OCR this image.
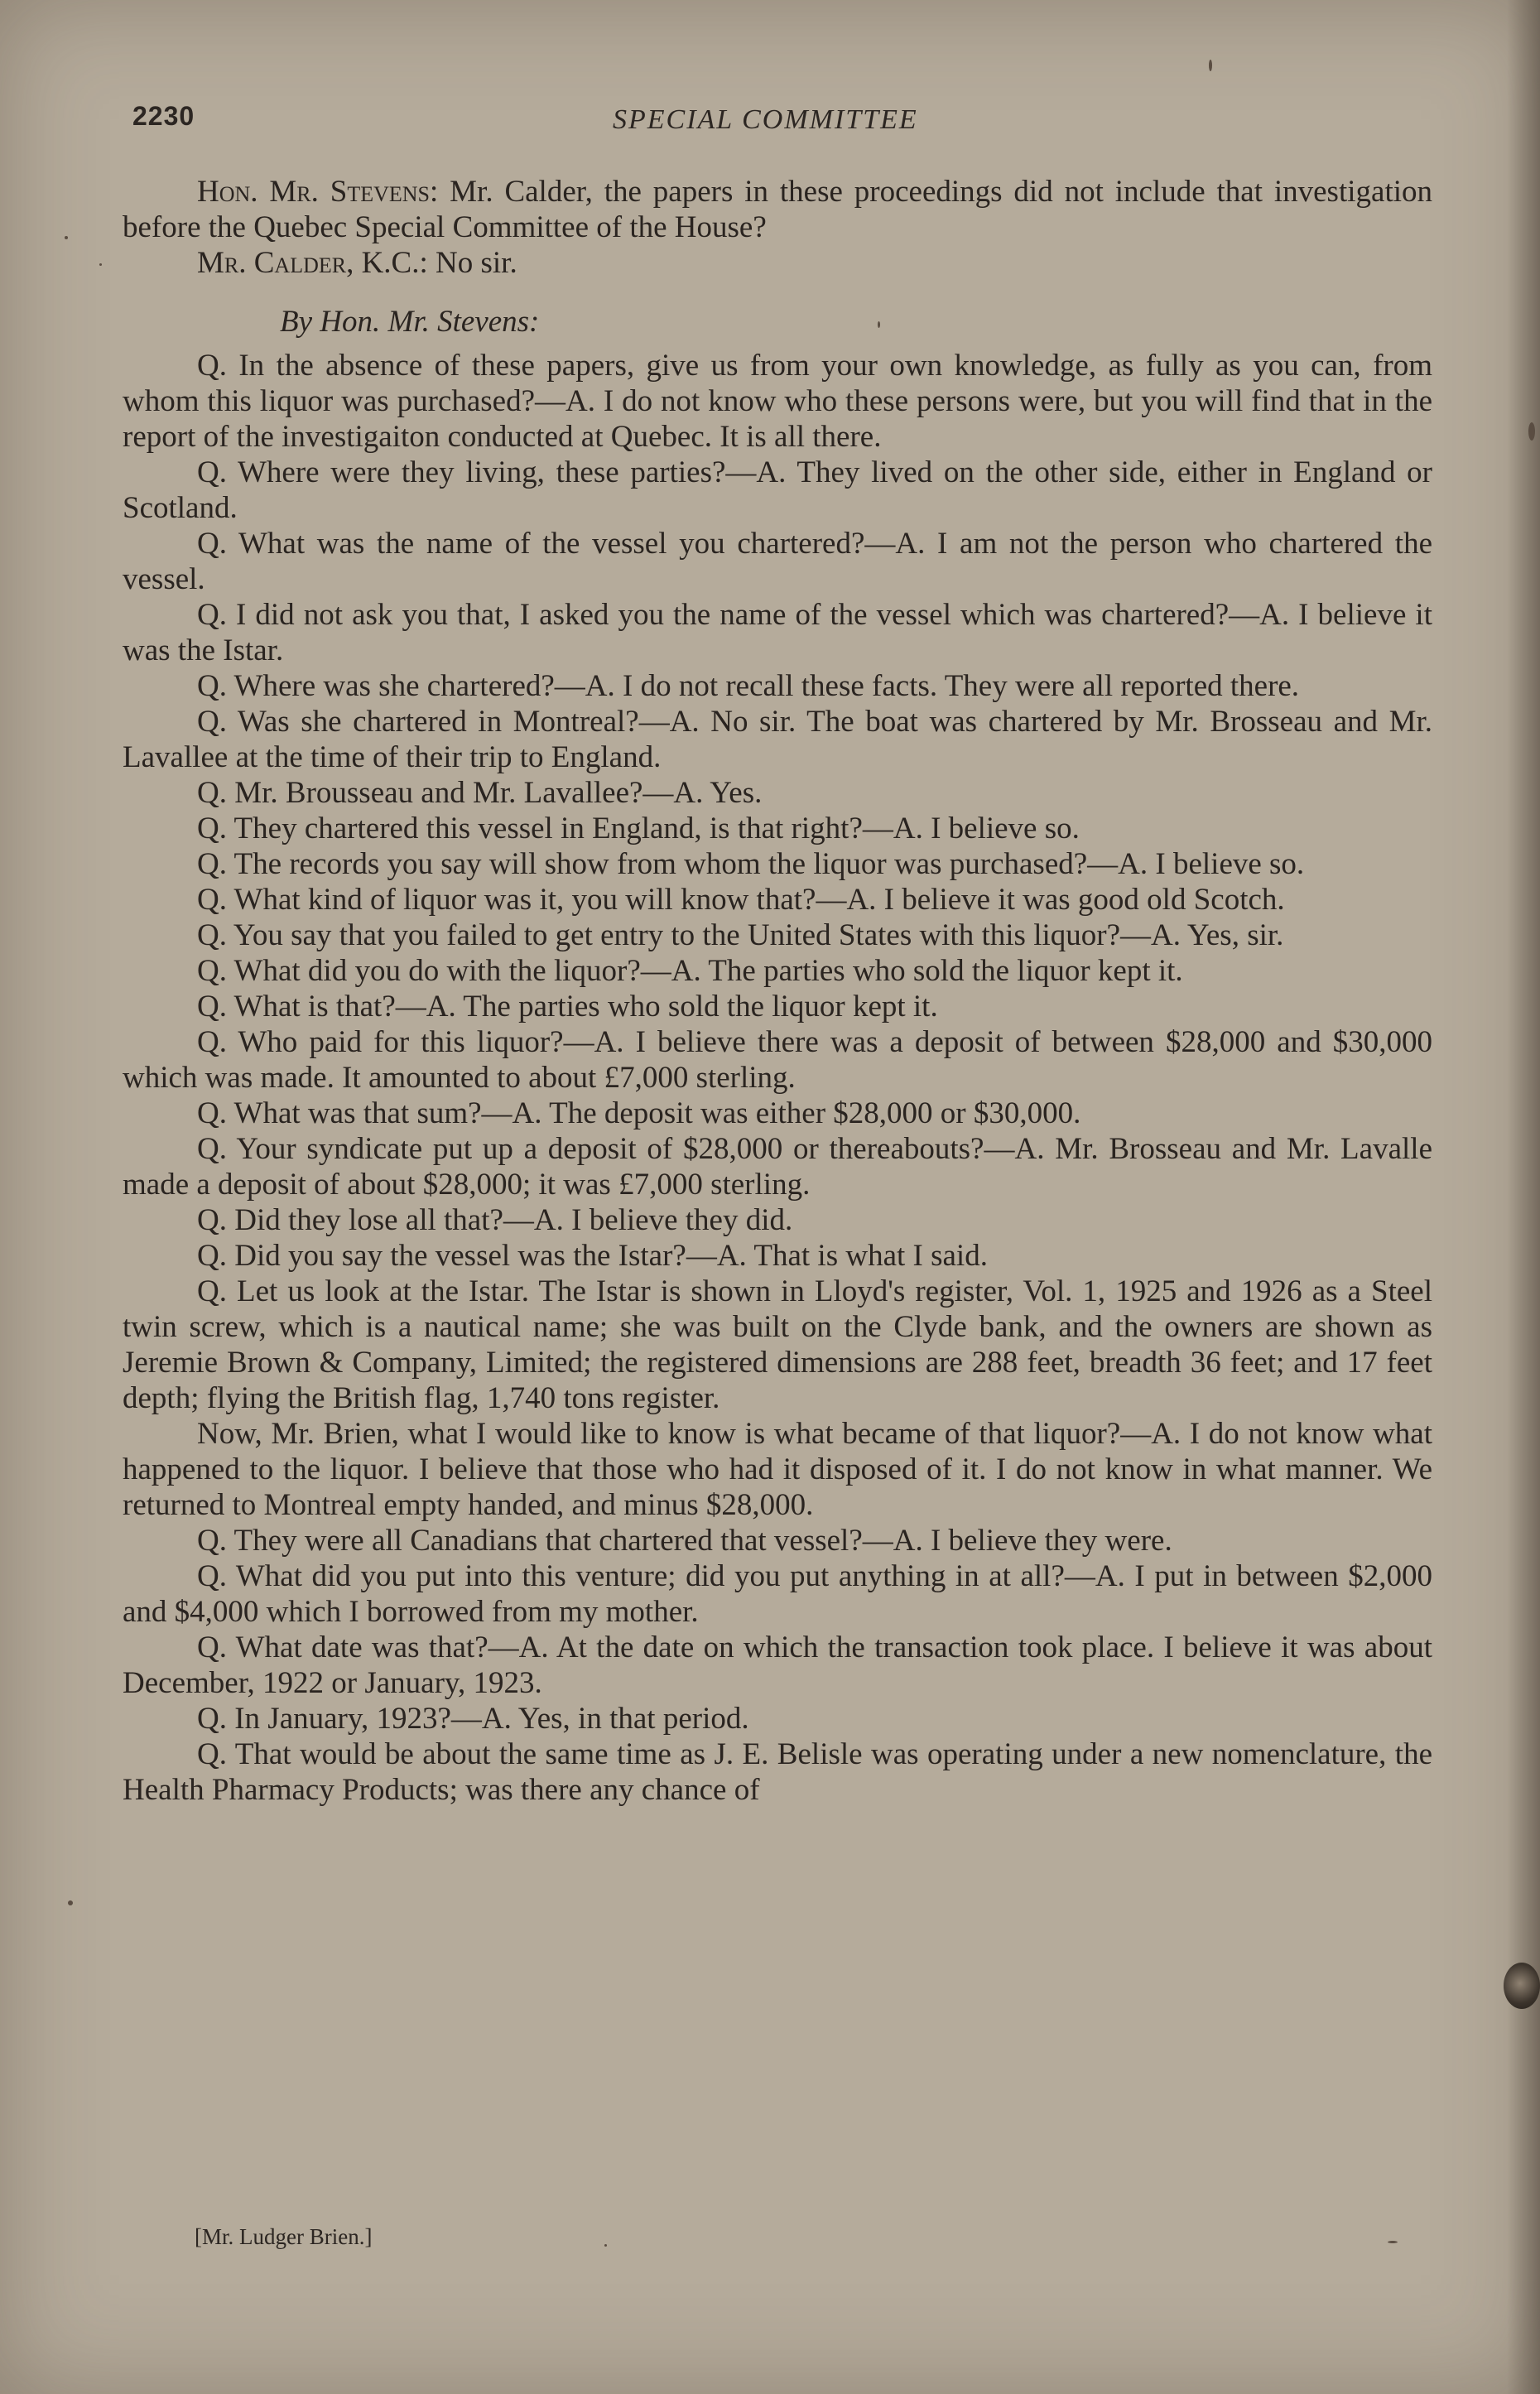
2230	SPECIAL COMMITTEE

Hon. Mr. Stevens: Mr. Calder, the papers in these proceedings did not include that investigation before the Quebec Special Committee of the House?

Mr. Calder, K.C.: No sir.

By Hon. Mr. Stevens:

Q. In the absence of these papers, give us from your own knowledge, as fully as you can, from whom this liquor was purchased?—A. I do not know who these persons were, but you will find that in the report of the investigaiton conducted at Quebec. It is all there.

Q. Where were they living, these parties?—A. They lived on the other side, either in England or Scotland.

Q. What was the name of the vessel you chartered?—A. I am not the person who chartered the vessel.

Q. I did not ask you that, I asked you the name of the vessel which was chartered?—A. I believe it was the Istar.

Q. Where was she chartered?—A. I do not recall these facts. They were all reported there.

Q. Was she chartered in Montreal?—A. No sir. The boat was chartered by Mr. Brosseau and Mr. Lavallee at the time of their trip to England.

Q. Mr. Brousseau and Mr. Lavallee?—A. Yes.

Q. They chartered this vessel in England, is that right?—A. I believe so.

Q. The records you say will show from whom the liquor was purchased?—A. I believe so.

Q. What kind of liquor was it, you will know that?—A. I believe it was good old Scotch.

Q. You say that you failed to get entry to the United States with this liquor?—A. Yes, sir.

Q. What did you do with the liquor?—A. The parties who sold the liquor kept it.

Q. What is that?—A. The parties who sold the liquor kept it.

Q. Who paid for this liquor?—A. I believe there was a deposit of between $28,000 and $30,000 which was made. It amounted to about £7,000 sterling.

Q. What was that sum?—A. The deposit was either $28,000 or $30,000.

Q. Your syndicate put up a deposit of $28,000 or thereabouts?—A. Mr. Brosseau and Mr. Lavalle made a deposit of about $28,000; it was £7,000 sterling.

Q. Did they lose all that?—A. I believe they did.

Q. Did you say the vessel was the Istar?—A. That is what I said.

Q. Let us look at the Istar. The Istar is shown in Lloyd's register, Vol. 1, 1925 and 1926 as a Steel twin screw, which is a nautical name; she was built on the Clyde bank, and the owners are shown as Jeremie Brown & Company, Limited; the registered dimensions are 288 feet, breadth 36 feet; and 17 feet depth; flying the British flag, 1,740 tons register.

Now, Mr. Brien, what I would like to know is what became of that liquor?—A. I do not know what happened to the liquor. I believe that those who had it disposed of it. I do not know in what manner. We returned to Montreal empty handed, and minus $28,000.

Q. They were all Canadians that chartered that vessel?—A. I believe they were.

Q. What did you put into this venture; did you put anything in at all?—A. I put in between $2,000 and $4,000 which I borrowed from my mother.

Q. What date was that?—A. At the date on which the transaction took place. I believe it was about December, 1922 or January, 1923.

Q. In January, 1923?—A. Yes, in that period.

Q. That would be about the same time as J. E. Belisle was operating under a new nomenclature, the Health Pharmacy Products; was there any chance of

[Mr. Ludger Brien.]
